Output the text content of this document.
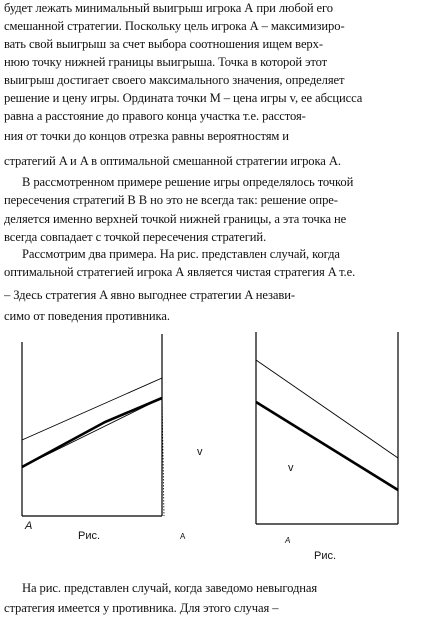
будет лежать минимальный выигрыш игрока А при любой его
смешанной стратегии. Поскольку цель игрока А – максимизиро-
вать свой выигрыш за счет выбора соотношения ищем верх-
нюю точку нижней границы выигрыша. Точка в которой этот
выигрыш достигает своего максимального значения, определяет
решение и цену игры. Ордината точки M – цена игры v, ее абсцисса
равна а расстояние до правого конца участка т.е. расстоя-
ния от точки до концов отрезка равны вероятностям и
стратегий A и A в оптимальной смешанной стратегии игрока А.
В рассмотренном примере решение игры определялось точкой
пересечения стратегий B B но это не всегда так: решение опре-
деляется именно верхней точкой нижней границы, а эта точка не
всегда совпадает с точкой пересечения стратегий.
Рассмотрим два примера. На рис. представлен случай, когда
оптимальной стратегией игрока А является чистая стратегия A т.е.
– Здесь стратегия A явно выгоднее стратегии A незави-
симо от поведения противника.
v
A
A
Рис.
v
A
Рис.
На рис. представлен случай, когда заведомо невыгодная
стратегия имеется у противника. Для этого случая –
